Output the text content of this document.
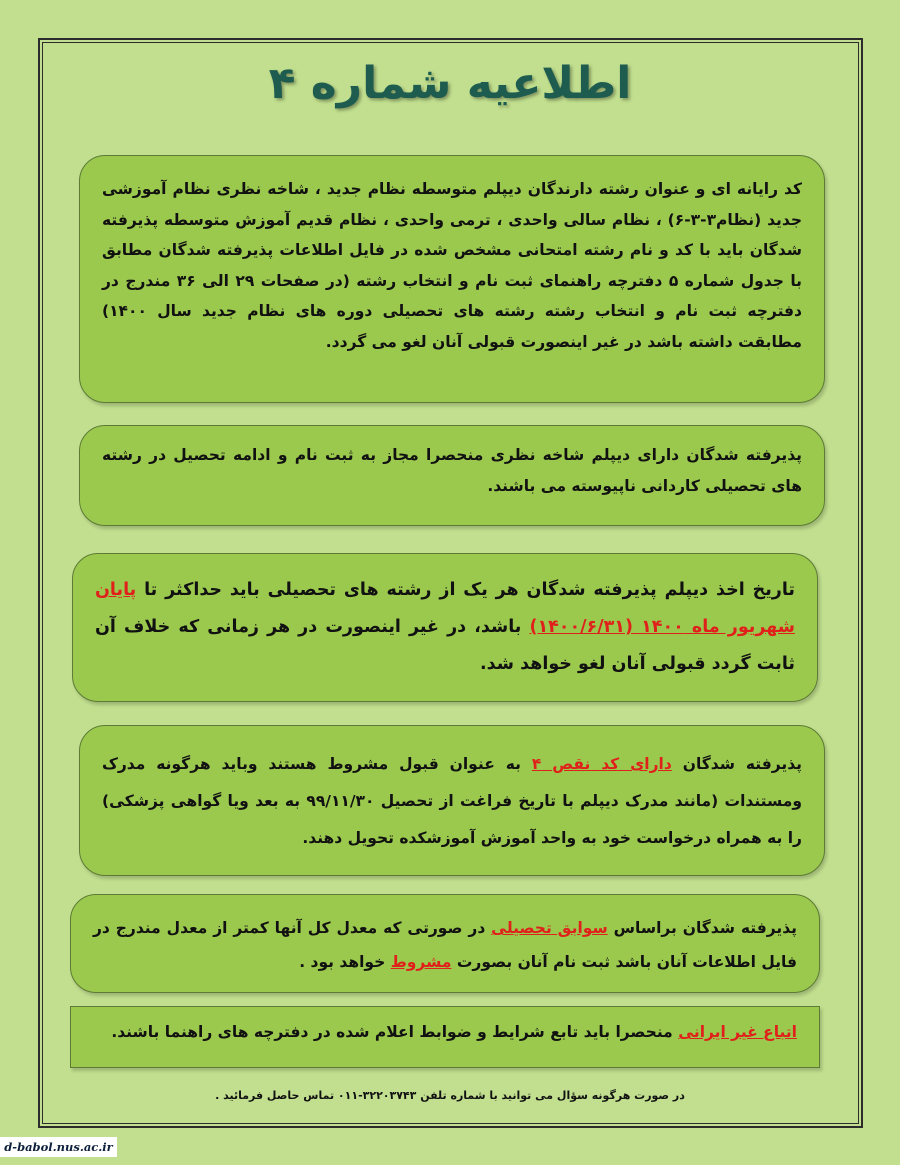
اطلاعیه شماره ۴

کد رایانه ای و عنوان رشته دارندگان دیپلم متوسطه نظام جدید ، شاخه نظری نظام آموزشی جدید (نظام۳-۳-۶) ، نظام سالی واحدی ، ترمی واحدی ، نظام قدیم آموزش متوسطه پذیرفته شدگان باید با کد و نام رشته امتحانی مشخص شده در فایل اطلاعات پذیرفته شدگان مطابق با جدول شماره ۵ دفترچه راهنمای ثبت نام و انتخاب رشته (در صفحات ۲۹ الی ۳۶ مندرج در دفترچه ثبت نام و انتخاب رشته رشته های تحصیلی دوره های نظام جدید سال ۱۴۰۰) مطابقت داشته باشد در غیر اینصورت قبولی آنان لغو می گردد.

پذیرفته شدگان دارای دیپلم شاخه نظری منحصرا مجاز به ثبت نام و ادامه تحصیل در رشته های تحصیلی کاردانی ناپیوسته می باشند.

تاریخ اخذ دیپلم پذیرفته شدگان هر یک از رشته های تحصیلی باید حداکثر تا پایان شهریور ماه ۱۴۰۰ (۱۴۰۰/۶/۳۱) باشد، در غیر اینصورت در هر زمانی که خلاف آن ثابت گردد قبولی آنان لغو خواهد شد.

پذیرفته شدگان دارای کد نقص ۴ به عنوان قبول مشروط هستند وباید هرگونه مدرک ومستندات (مانند مدرک دیپلم با تاریخ فراغت از تحصیل ۹۹/۱۱/۳۰ به بعد ویا گواهی پزشکی) را به همراه درخواست خود به واحد آموزش آموزشکده تحویل دهند.

پذیرفته شدگان براساس سوابق تحصیلی در صورتی که معدل کل آنها کمتر از معدل مندرج در فایل اطلاعات آنان باشد ثبت نام آنان بصورت مشروط خواهد بود .

اتباع غیر ایرانی منحصرا باید تابع شرایط و ضوابط اعلام شده در دفترچه های راهنما باشند.

در صورت هرگونه سؤال می توانید با شماره تلفن ۳۲۲۰۳۷۴۳-۰۱۱ تماس حاصل فرمائید .
d-babol.nus.ac.ir
